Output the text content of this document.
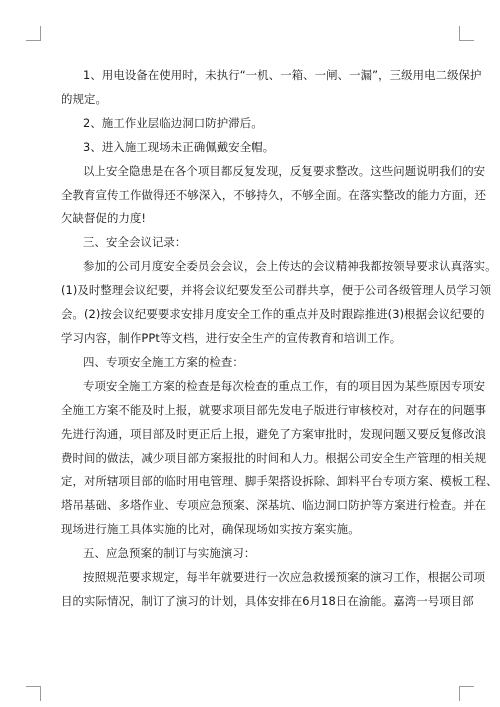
1、用电设备在使用时，未执行“一机、一箱、一闸、一漏”，三级用电二级保护
的规定。
2、施工作业层临边洞口防护滞后。
3、进入施工现场未正确佩戴安全帽。
以上安全隐患是在各个项目都反复发现，反复要求整改。这些问题说明我们的安
全教育宣传工作做得还不够深入，不够持久，不够全面。在落实整改的能力方面，还
欠缺督促的力度!
三、安全会议记录：
参加的公司月度安全委员会会议，会上传达的会议精神我都按领导要求认真落实。
(1)及时整理会议纪要，并将会议纪要发至公司群共享，便于公司各级管理人员学习领
会。(2)按会议纪要要求安排月度安全工作的重点并及时跟踪推进(3)根据会议纪要的
学习内容，制作PPt等文档，进行安全生产的宣传教育和培训工作。
四、专项安全施工方案的检查：
专项安全施工方案的检查是每次检查的重点工作，有的项目因为某些原因专项安
全施工方案不能及时上报，就要求项目部先发电子版进行审核校对，对存在的问题事
先进行沟通，项目部及时更正后上报，避免了方案审批时，发现问题又要反复修改浪
费时间的做法，减少项目部方案报批的时间和人力。根据公司安全生产管理的相关规
定，对所辖项目部的临时用电管理、脚手架搭设拆除、卸料平台专项方案、模板工程、
塔吊基础、多塔作业、专项应急预案、深基坑、临边洞口防护等方案进行检查。并在
现场进行施工具体实施的比对，确保现场如实按方案实施。
五、应急预案的制订与实施演习：
按照规范要求规定，每半年就要进行一次应急救援预案的演习工作，根据公司项
目的实际情况，制订了演习的计划，具体安排在6月18日在渝能。嘉湾一号项目部
